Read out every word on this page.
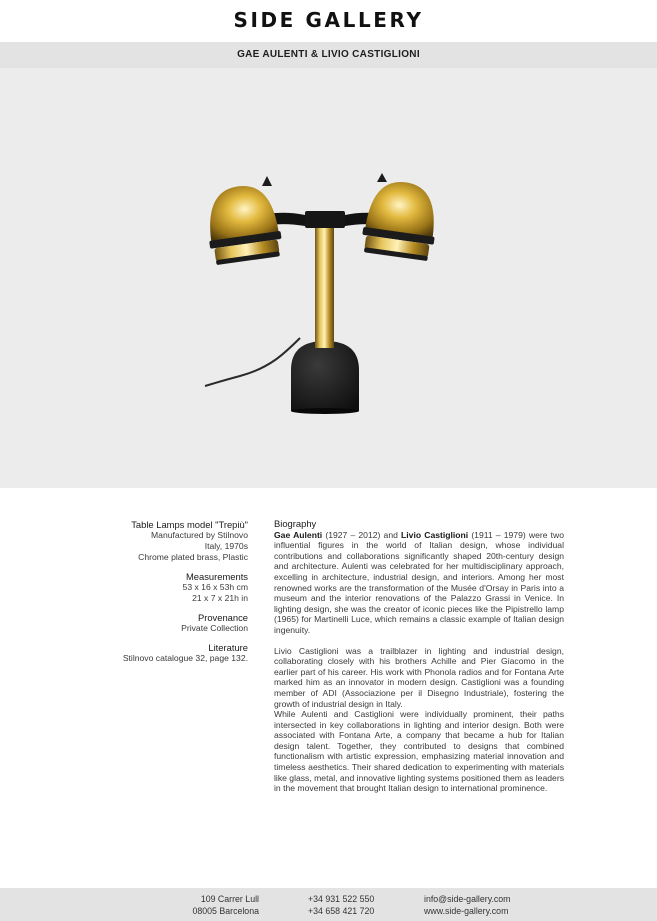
SIDE GALLERY
GAE AULENTI & LIVIO CASTIGLIONI
Table Lamps model "Trepiù"
Manufactured by Stilnovo
Italy, 1970s
Chrome plated brass, Plastic
Measurements
53 x 16 x 53h cm
21 x 7 x 21h in
Provenance
Private Collection
Literature
Stilnovo catalogue 32, page 132.
Biography

Gae Aulenti (1927 – 2012) and Livio Castiglioni (1911 – 1979) were two influential figures in the world of Italian design, whose individual contributions and collaborations significantly shaped 20th-century design and architecture. Aulenti was celebrated for her multidisciplinary approach, excelling in architecture, industrial design, and interiors. Among her most renowned works are the transformation of the Musée d'Orsay in Paris into a museum and the interior renovations of the Palazzo Grassi in Venice. In lighting design, she was the creator of iconic pieces like the Pipistrello lamp (1965) for Martinelli Luce, which remains a classic example of Italian design ingenuity.

Livio Castiglioni was a trailblazer in lighting and industrial design, collaborating closely with his brothers Achille and Pier Giacomo in the earlier part of his career. His work with Phonola radios and for Fontana Arte marked him as an innovator in modern design. Castiglioni was a founding member of ADI (Associazione per il Disegno Industriale), fostering the growth of industrial design in Italy.

While Aulenti and Castiglioni were individually prominent, their paths intersected in key collaborations in lighting and interior design. Both were associated with Fontana Arte, a company that became a hub for Italian design talent. Together, they contributed to designs that combined functionalism with artistic expression, emphasizing material innovation and timeless aesthetics. Their shared dedication to experimenting with materials like glass, metal, and innovative lighting systems positioned them as leaders in the movement that brought Italian design to international prominence.

109 Carrer Lull
08005 Barcelona
+34 931 522 550
+34 658 421 720
info@side-gallery.com
www.side-gallery.com
